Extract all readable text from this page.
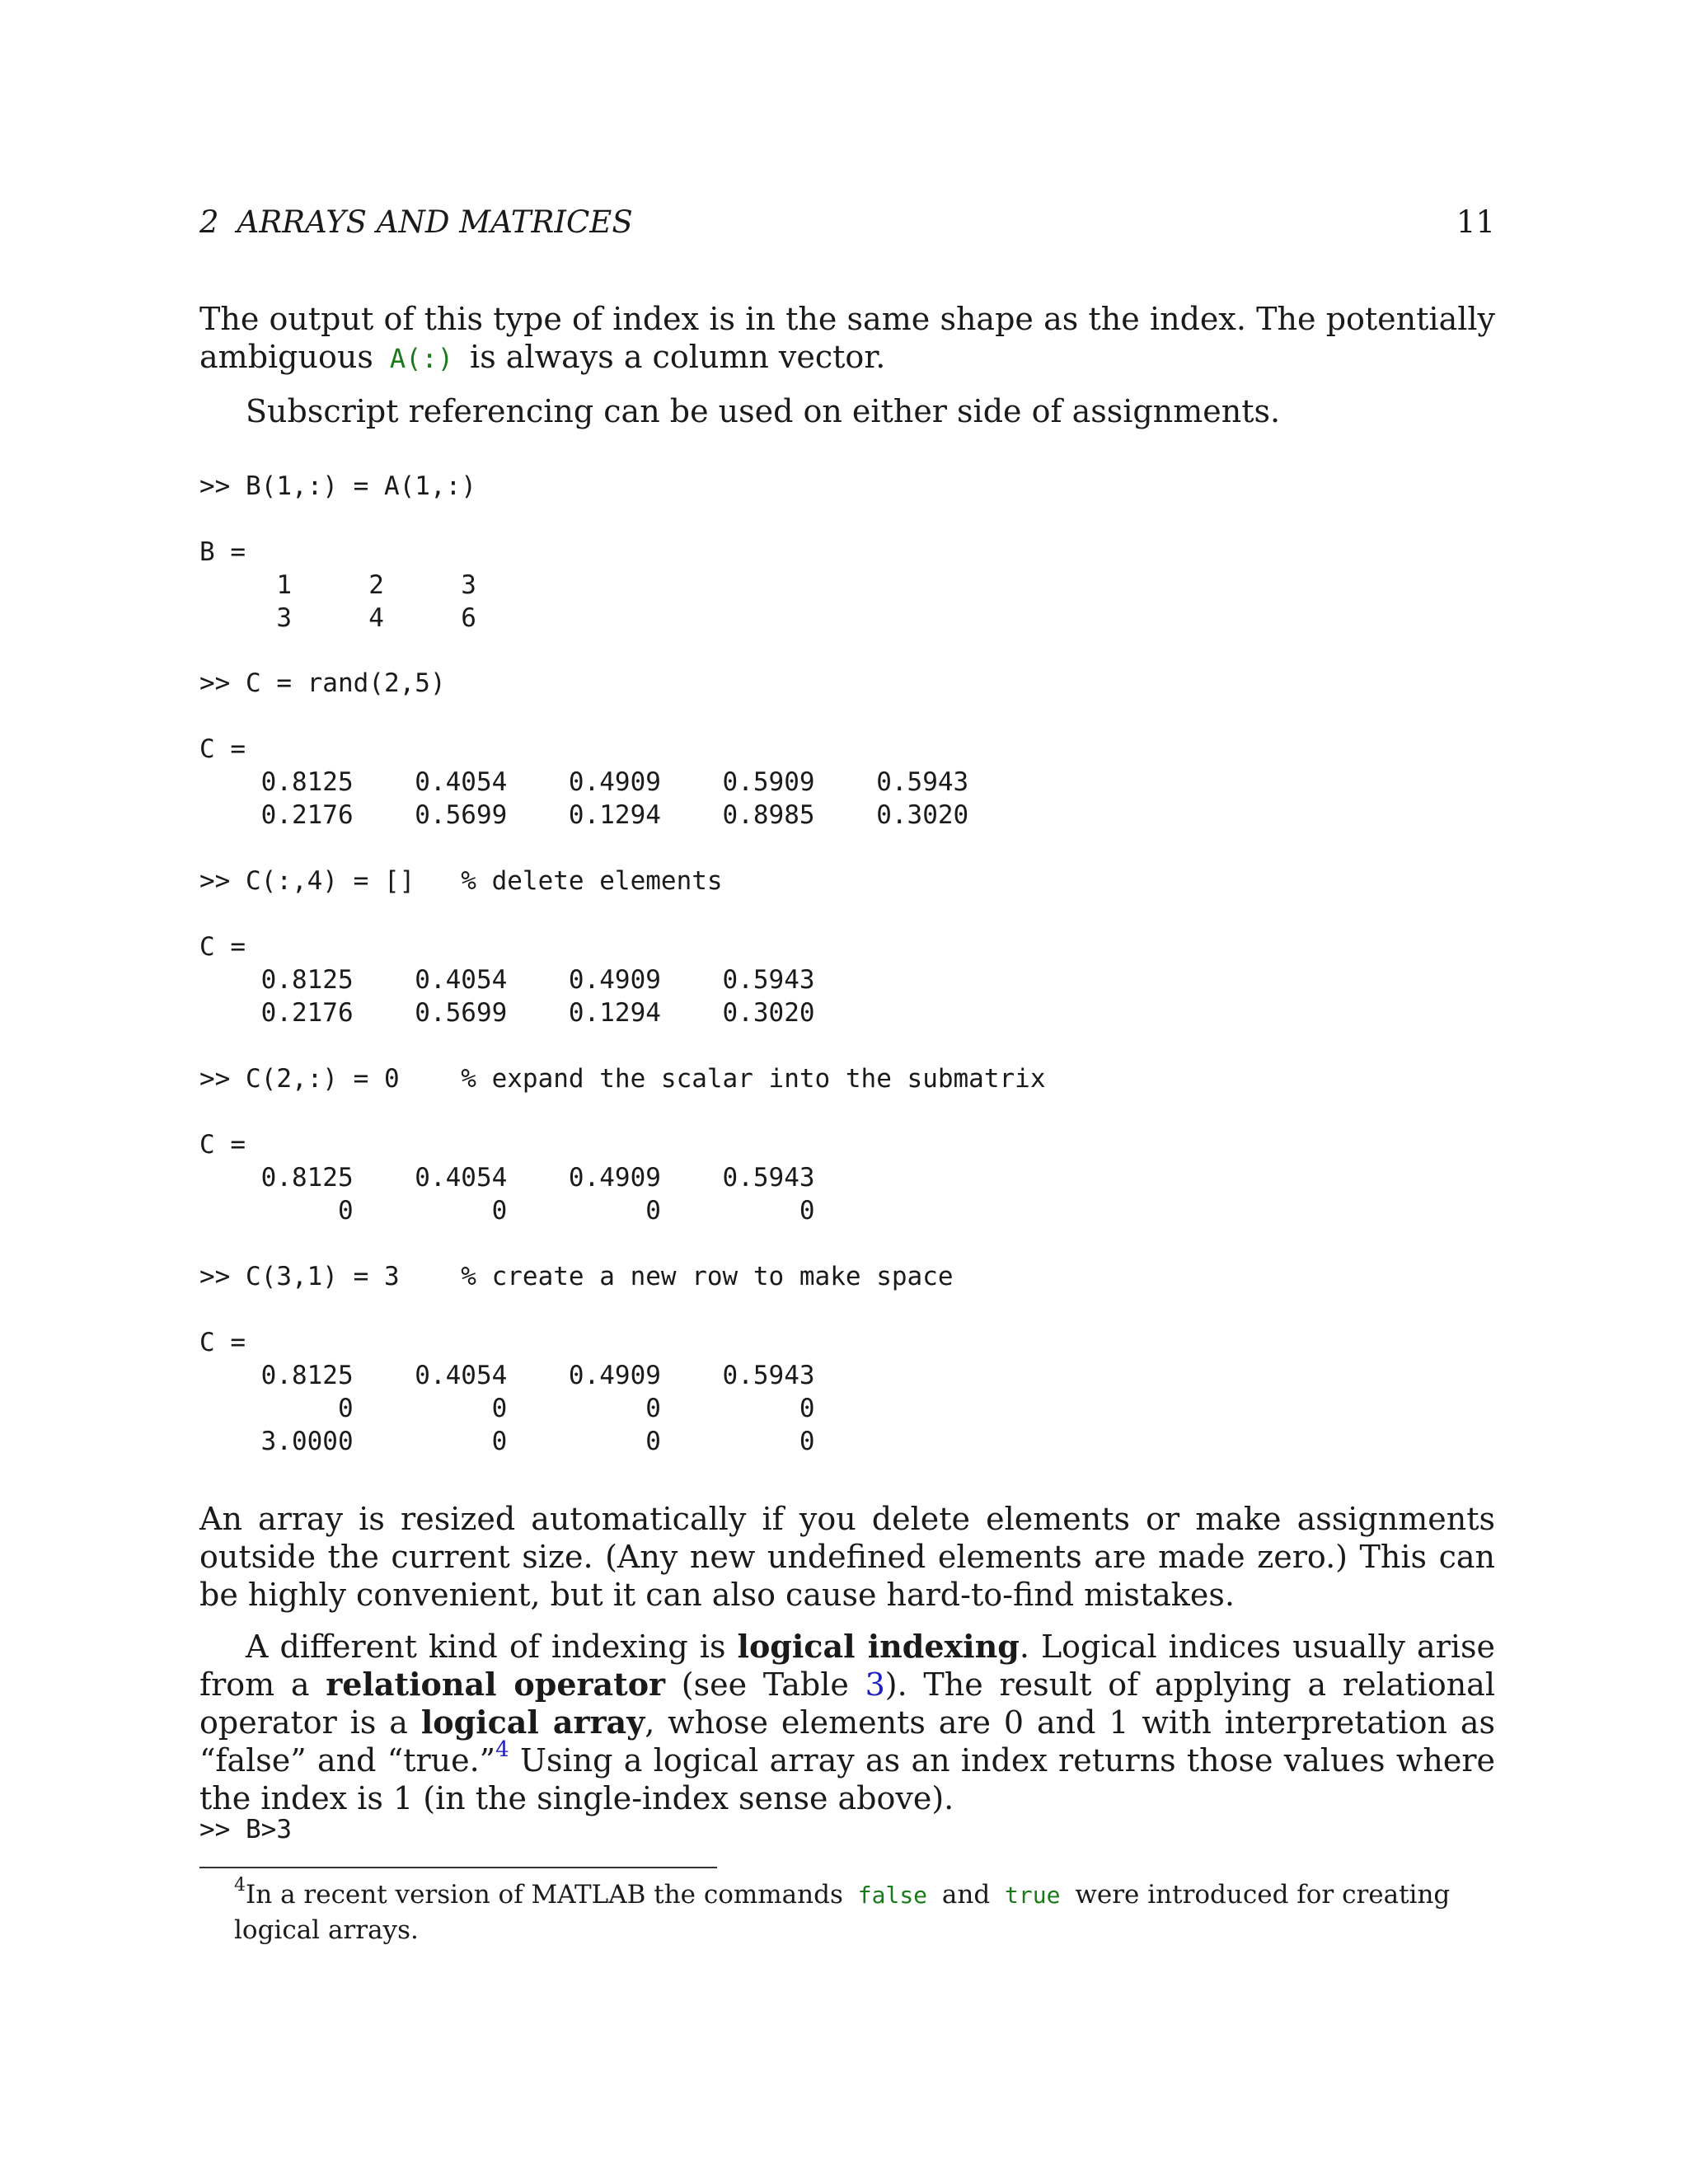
2 ARRAYS AND MATRICES	11

The output of this type of index is in the same shape as the index. The potentially ambiguous A(:) is always a column vector.

Subscript referencing can be used on either side of assignments.

>> B(1,:) = A(1,:)

B =
1     2     3
3     4     6
>> C = rand(2,5)

C =
0.8125    0.4054    0.4909    0.5909    0.5943
0.2176    0.5699    0.1294    0.8985    0.3020
>> C(:,4) = []   % delete elements

C =
0.8125    0.4054    0.4909    0.5943
0.2176    0.5699    0.1294    0.3020
>> C(2,:) = 0    % expand the scalar into the submatrix

C =
0.8125    0.4054    0.4909    0.5943
0         0         0         0
>> C(3,1) = 3    % create a new row to make space

C =
0.8125    0.4054    0.4909    0.5943
0         0         0         0
3.0000         0         0         0

An array is resized automatically if you delete elements or make assignments outside the current size. (Any new undefined elements are made zero.) This can be highly convenient, but it can also cause hard-to-find mistakes.

A different kind of indexing is logical indexing. Logical indices usually arise from a relational operator (see Table 3). The result of applying a relational operator is a logical array, whose elements are 0 and 1 with interpretation as “false” and “true.”$^4$ Using a logical array as an index returns those values where the index is 1 (in the single-index sense above).

>> B>3

$^4$In a recent version of MATLAB the commands false and true were introduced for creating logical arrays.
